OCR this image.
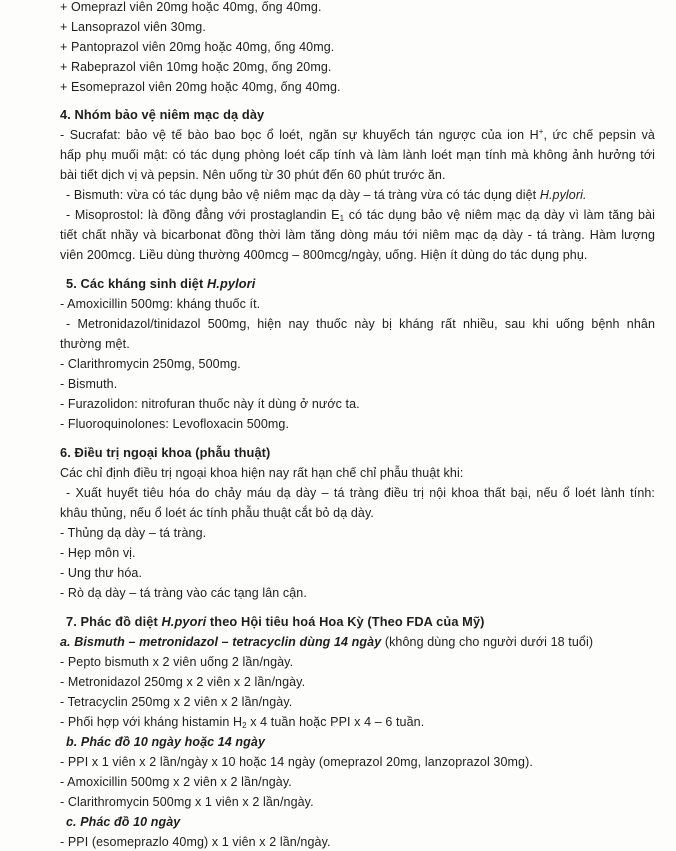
+ Omeprazl viên 20mg hoặc 40mg, ống 40mg.
+ Lansoprazol viên 30mg.
+ Pantoprazol viên 20mg hoặc 40mg, ống 40mg.
+ Rabeprazol viên 10mg hoặc 20mg, ống 20mg.
+ Esomeprazol viên 20mg hoặc 40mg, ống 40mg.
4. Nhóm bảo vệ niêm mạc dạ dày
- Sucrafat: bảo vệ tế bào bao bọc ổ loét, ngăn sự khuyếch tán ngược của ion H+, ức chế pepsin và
hấp phụ muối mật: có tác dụng phòng loét cấp tính và làm lành loét mạn tính mà không ảnh hưởng tới
bài tiết dịch vị và pepsin. Nên uống từ 30 phút đến 60 phút trước ăn.
- Bismuth: vừa có tác dụng bảo vệ niêm mạc dạ dày – tá tràng vừa có tác dụng diệt H.pylori.
- Misoprostol: là đồng đẳng với prostaglandin $E_1$ có tác dụng bảo vệ niêm mạc dạ dày vì làm tăng bài
tiết chất nhầy và bicarbonat đồng thời làm tăng dòng máu tới niêm mạc dạ dày - tá tràng. Hàm lượng
viên 200mcg. Liều dùng thường 400mcg – 800mcg/ngày, uống. Hiện ít dùng do tác dụng phụ.
5. Các kháng sinh diệt H.pylori
- Amoxicillin 500mg: kháng thuốc ít.
- Metronidazol/tinidazol 500mg, hiện nay thuốc này bị kháng rất nhiều, sau khi uống bệnh nhân
thường mệt.
- Clarithromycin 250mg, 500mg.
- Bismuth.
- Furazolidon: nitrofuran thuốc này ít dùng ở nước ta.
- Fluoroquinolones: Levofloxacin 500mg.
6. Điều trị ngoại khoa (phẫu thuật)
Các chỉ định điều trị ngoại khoa hiện nay rất hạn chế chỉ phẫu thuật khi:
- Xuất huyết tiêu hóa do chảy máu dạ dày – tá tràng điều trị nội khoa thất bại, nếu ổ loét lành tính:
khâu thủng, nếu ổ loét ác tính phẫu thuật cắt bỏ dạ dày.
- Thủng dạ dày – tá tràng.
- Hẹp môn vị.
- Ung thư hóa.
- Rò dạ dày – tá tràng vào các tạng lân cận.
7. Phác đồ diệt H.pyori theo Hội tiêu hoá Hoa Kỳ (Theo FDA của Mỹ)
a. Bismuth – metronidazol – tetracyclin dùng 14 ngày (không dùng cho người dưới 18 tuổi)
- Pepto bismuth x 2 viên uống 2 lần/ngày.
- Metronidazol 250mg x 2 viên x 2 lần/ngày.
- Tetracyclin 250mg x 2 viên x 2 lần/ngày.
- Phối hợp với kháng histamin $H_2$ x 4 tuần hoặc PPI x 4 – 6 tuần.
b. Phác đồ 10 ngày hoặc 14 ngày
- PPI x 1 viên x 2 lần/ngày x 10 hoặc 14 ngày (omeprazol 20mg, lanzoprazol 30mg).
- Amoxicillin 500mg x 2 viên x 2 lần/ngày.
- Clarithromycin 500mg x 1 viên x 2 lần/ngày.
c. Phác đồ 10 ngày
- PPI (esomeprazlo 40mg) x 1 viên x 2 lần/ngày.
